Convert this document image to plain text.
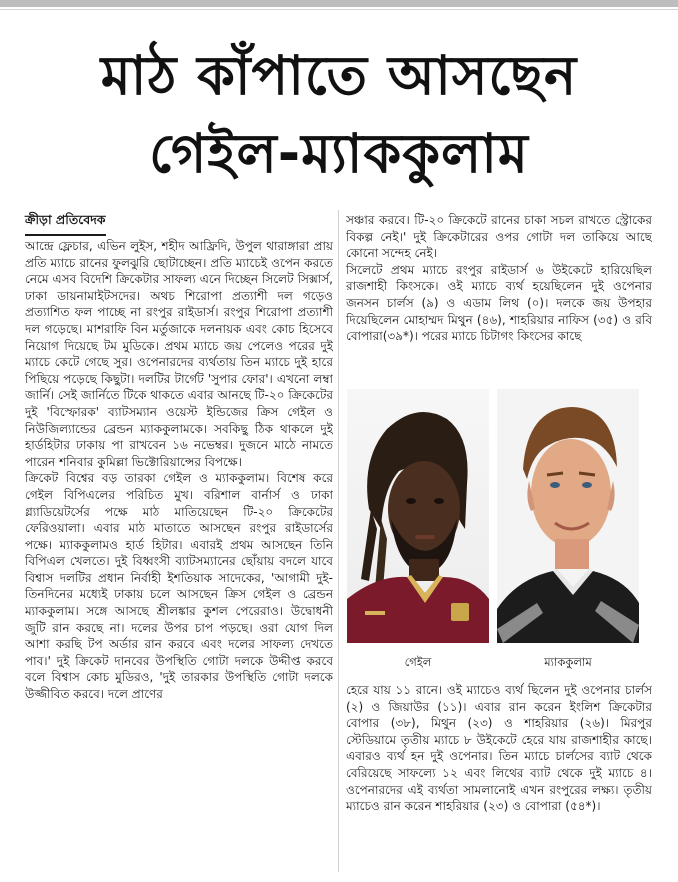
মাঠ কাঁপাতে আসছেন
গেইল-ম্যাককুলাম
ক্রীড়া প্রতিবেদক

আন্দ্রে ফ্লেচার, এভিন লুইস, শহীদ আফ্রিদি, উপুল থারাঙ্গারা প্রায় প্রতি ম্যাচে রানের ফুলঝুরি ছোটাচ্ছেন। প্রতি ম্যাচেই ওপেন করতে নেমে এসব বিদেশি ক্রিকেটার সাফল্য এনে দিচ্ছেন সিলেট সিক্সার্স, ঢাকা ডায়নামাইটসদের। অথচ শিরোপা প্রত্যাশী দল গড়েও প্রত্যাশিত ফল পাচ্ছে না রংপুর রাইডার্স। রংপুর শিরোপা প্রত্যাশী দল গড়েছে। মাশরাফি বিন মর্তুজাকে দলনায়ক এবং কোচ হিসেবে নিয়োগ দিয়েছে টম মুডিকে। প্রথম ম্যাচে জয় পেলেও পরের দুই ম্যাচে কেটে গেছে সুর। ওপেনারদের ব্যর্থতায় তিন ম্যাচে দুই হারে পিছিয়ে পড়েছে কিছুটা। দলটির টার্গেট 'সুপার ফোর'। এখনো লম্বা জার্নি। সেই জার্নিতে টিকে থাকতে এবার আনছে টি-২০ ক্রিকেটের দুই 'বিস্ফোরক' ব্যাটসম্যান ওয়েস্ট ইন্ডিজের ক্রিস গেইল ও নিউজিল্যান্ডের ব্রেন্ডন ম্যাককুলামকে। সবকিছু ঠিক থাকলে দুই হার্ডহিটার ঢাকায় পা রাখবেন ১৬ নভেম্বর। দুজনে মাঠে নামতে পারেন শনিবার কুমিল্লা ভিক্টোরিয়ান্সের বিপক্ষে।

ক্রিকেট বিশ্বের বড় তারকা গেইল ও ম্যাককুলাম। বিশেষ করে গেইল বিপিএলের পরিচিত মুখ। বরিশাল বার্নার্স ও ঢাকা গ্ল্যাডিয়েটর্সের পক্ষে মাঠ মাতিয়েছেন টি-২০ ক্রিকেটের ফেরিওয়ালা। এবার মাঠ মাতাতে আসছেন রংপুর রাইডার্সের পক্ষে। ম্যাককুলামও হার্ড হিটার। এবারই প্রথম আসছেন তিনি বিপিএল খেলতে। দুই বিধ্বংসী ব্যাটসম্যানের ছোঁয়ায় বদলে যাবে বিশ্বাস দলটির প্রধান নির্বাহী ইশতিয়াক সাদেকের, 'আগামী দুই-তিনদিনের মধ্যেই ঢাকায় চলে আসছেন ক্রিস গেইল ও ব্রেন্ডন ম্যাককুলাম। সঙ্গে আসছে শ্রীলঙ্কার কুশল পেরেরাও। উদ্বোধনী জুটি রান করছে না। দলের উপর চাপ পড়ছে। ওরা যোগ দিল আশা করছি টপ অর্ডার রান করবে এবং দলের সাফল্য দেখতে পাব।' দুই ক্রিকেট দানবের উপস্থিতি গোটা দলকে উদ্দীপ্ত করবে বলে বিশ্বাস কোচ মুডিরও, 'দুই তারকার উপস্থিতি গোটা দলকে উজ্জীবিত করবে। দলে প্রাণের

সঞ্চার করবে। টি-২০ ক্রিকেটে রানের চাকা সচল রাখতে স্ট্রোকের বিকল্প নেই।' দুই ক্রিকেটারের ওপর গোটা দল তাকিয়ে আছে কোনো সন্দেহ নেই।

সিলেটে প্রথম ম্যাচে রংপুর রাইডার্স ৬ উইকেটে হারিয়েছিল রাজশাহী কিংসকে। ওই ম্যাচে ব্যর্থ হয়েছিলেন দুই ওপেনার জনসন চার্লস (৯) ও এডাম লিথ (০)। দলকে জয় উপহার দিয়েছিলেন মোহাম্মদ মিথুন (৪৬), শাহরিয়ার নাফিস (৩৫) ও রবি বোপারা(৩৯*)। পরের ম্যাচে চিটাগং কিংসের কাছে

গেইল	ম্যাককুলাম

হেরে যায় ১১ রানে। ওই ম্যাচেও ব্যর্থ ছিলেন দুই ওপেনার চার্লস (২) ও জিয়াউর (১১)। এবার রান করেন ইংলিশ ক্রিকেটার বোপার (৩৮), মিথুন (২৩) ও শাহরিয়ার (২৬)। মিরপুর স্টেডিয়ামে তৃতীয় ম্যাচে ৮ উইকেটে হেরে যায় রাজশাহীর কাছে। এবারও ব্যর্থ হন দুই ওপেনার। তিন ম্যাচে চার্লসের ব্যাট থেকে বেরিয়েছে সাফল্যে ১২ এবং লিথের ব্যাট থেকে দুই ম্যাচে ৪। ওপেনারদের এই ব্যর্থতা সামলানোই এখন রংপুরের লক্ষ্য। তৃতীয় ম্যাচেও রান করেন শাহরিয়ার (২৩) ও বোপারা (৫৪*)।
